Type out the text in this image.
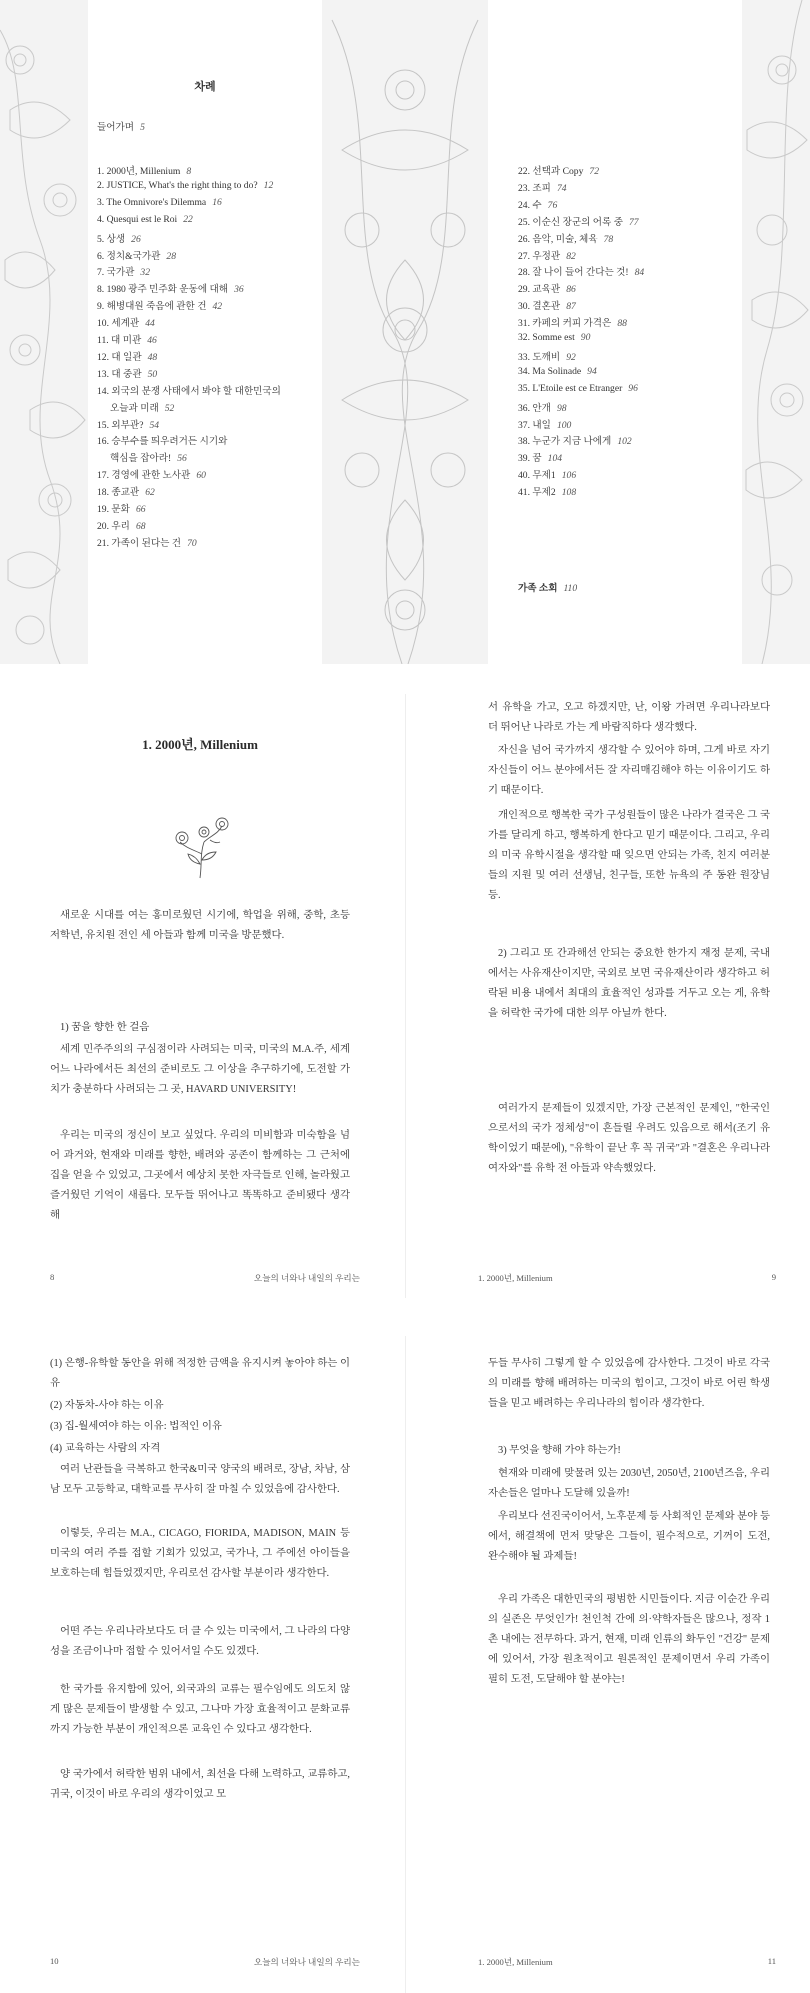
차례
들어가며 5
1. 2000년, Millenium 8
2. JUSTICE, What's the right thing to do? 12
3. The Omnivore's Dilemma 16
4. Quesqui est le Roi 22
5. 상생 26
6. 정치&국가관 28
7. 국가관 32
8. 1980 광주 민주화 운동에 대해 36
9. 해병대원 죽음에 관한 건 42
10. 세계관 44
11. 대 미관 46
12. 대 일관 48
13. 대 중관 50
14. 외국의 분쟁 사태에서 봐야 할 대한민국의
오늘과 미래 52
15. 외부관? 54
16. 승부수를 띄우려거든 시기와
핵심을 잡아라! 56
17. 경영에 관한 노사관 60
18. 종교관 62
19. 문화 66
20. 우리 68
21. 가족이 된다는 건 70
22. 선택과 Copy 72
23. 조피 74
24. 수 76
25. 이순신 장군의 어록 중 77
26. 음악, 미술, 체육 78
27. 우정관 82
28. 잘 나이 들어 간다는 것! 84
29. 교육관 86
30. 결혼관 87
31. 카페의 커피 가격은 88
32. Somme est 90
33. 도깨비 92
34. Ma Solinade 94
35. L'Etoile est ce Etranger 96
36. 안개 98
37. 내일 100
38. 누군가 지금 나에게 102
39. 꿈 104
40. 무제1 106
41. 무제2 108
가족 소회 110
1. 2000년, Millenium
새로운 시대를 여는 홍미로웠던 시기에, 학업을 위해, 중학, 초등 저학년, 유치원 전인 세 아들과 함께 미국을 방문했다.
1) 꿈을 향한 한 걸음
세계 민주주의의 구심점이라 사려되는 미국, 미국의 M.A.주, 세계 어느 나라에서든 최선의 준비로도 그 이상을 추구하기에, 도전할 가치가 충분하다 사려되는 그 곳, HAVARD UNIVERSITY!
우리는 미국의 정신이 보고 싶었다. 우리의 미비함과 미숙함을 넘어 과거와, 현재와 미래를 향한, 배려와 공존이 함께하는 그 근처에 집을 얻을 수 있었고, 그곳에서 예상치 못한 자극들로 인해, 놀라웠고 즐거웠던 기억이 새롭다. 모두들 뛰어나고 똑똑하고 준비됐다 생각해
8	오늘의 너와나 내일의 우리는
서 유학을 가고, 오고 하겠지만, 난, 이왕 가려면 우리나라보다 더 뛰어난 나라로 가는 게 바람직하다 생각했다.
자신을 넘어 국가까지 생각할 수 있어야 하며, 그게 바로 자기 자신들이 어느 분야에서든 잘 자리매김해야 하는 이유이기도 하기 때문이다.
개인적으로 행복한 국가 구성원들이 많은 나라가 결국은 그 국가를 달리게 하고, 행복하게 한다고 믿기 때문이다. 그리고, 우리의 미국 유학시절을 생각할 때 잊으면 안되는 가족, 친지 여러분들의 지원 및 여러 선생님, 친구들, 또한 뉴욕의 주 동완 원장님 등.
2) 그리고 또 간과해선 안되는 중요한 한가지 재정 문제, 국내에서는 사유재산이지만, 국외로 보면 국유재산이라 생각하고 허락된 비용 내에서 최대의 효율적인 성과를 거두고 오는 게, 유학을 허락한 국가에 대한 의무 아닐까 한다.
여러가지 문제들이 있겠지만, 가장 근본적인 문제인, "한국인으로서의 국가 정체성"이 흔들릴 우려도 있음으로 해서(조기 유학이었기 때문에), "유학이 끝난 후 꼭 귀국"과 "결혼은 우리나라 여자와"를 유학 전 아들과 약속했었다.
1. 2000년, Millenium	9
(1) 은행-유학할 동안을 위해 적정한 금액을 유지시켜 놓아야 하는 이유
(2) 자동차-사야 하는 이유
(3) 집-월세여야 하는 이유: 법적인 이유
(4) 교육하는 사람의 자격
여러 난관들을 극복하고 한국&미국 양국의 배려로, 장남, 차남, 삼남 모두 고등학교, 대학교를 무사히 잘 마칠 수 있었음에 감사한다.
이렇듯, 우리는 M.A., CICAGO, FIORIDA, MADISON, MAIN 등 미국의 여러 주를 접할 기회가 있었고, 국가나, 그 주에선 아이들을 보호하는데 힘들었겠지만, 우리로선 감사할 부분이라 생각한다.
어떤 주는 우리나라보다도 더 클 수 있는 미국에서, 그 나라의 다양성을 조금이나마 접할 수 있어서일 수도 있겠다.
한 국가를 유지함에 있어, 외국과의 교류는 필수임에도 의도치 않게 많은 문제들이 발생할 수 있고, 그나마 가장 효율적이고 문화교류까지 가능한 부분이 개인적으론 교육인 수 있다고 생각한다.
양 국가에서 허락한 범위 내에서, 최선을 다해 노력하고, 교류하고, 귀국, 이것이 바로 우리의 생각이었고 모
10	오늘의 너와나 내일의 우리는
두들 무사히 그렇게 할 수 있었음에 감사한다. 그것이 바로 각국의 미래를 향해 배려하는 미국의 힘이고, 그것이 바로 어린 학생들을 믿고 배려하는 우리나라의 힘이라 생각한다.
3) 무엇을 향해 가야 하는가!
현재와 미래에 맞물려 있는 2030년, 2050년, 2100년즈음, 우리 자손들은 얼마나 도달해 있을까!
우리보다 선진국이어서, 노후문제 등 사회적인 문제와 분야 등에서, 해결책에 먼저 맞닿은 그들이, 필수적으로, 기꺼이 도전, 완수해야 될 과제들!
우리 가족은 대한민국의 평범한 시민들이다. 지금 이순간 우리의 실존은 무엇인가! 천인척 간에 의·약학자들은 많으나, 정작 1촌 내에는 전무하다. 과거, 현재, 미래 인류의 화두인 "건강" 문제에 있어서, 가장 원초적이고 원론적인 문제이면서 우리 가족이 필히 도전, 도달해야 할 분야는!
1. 2000년, Millenium	11
